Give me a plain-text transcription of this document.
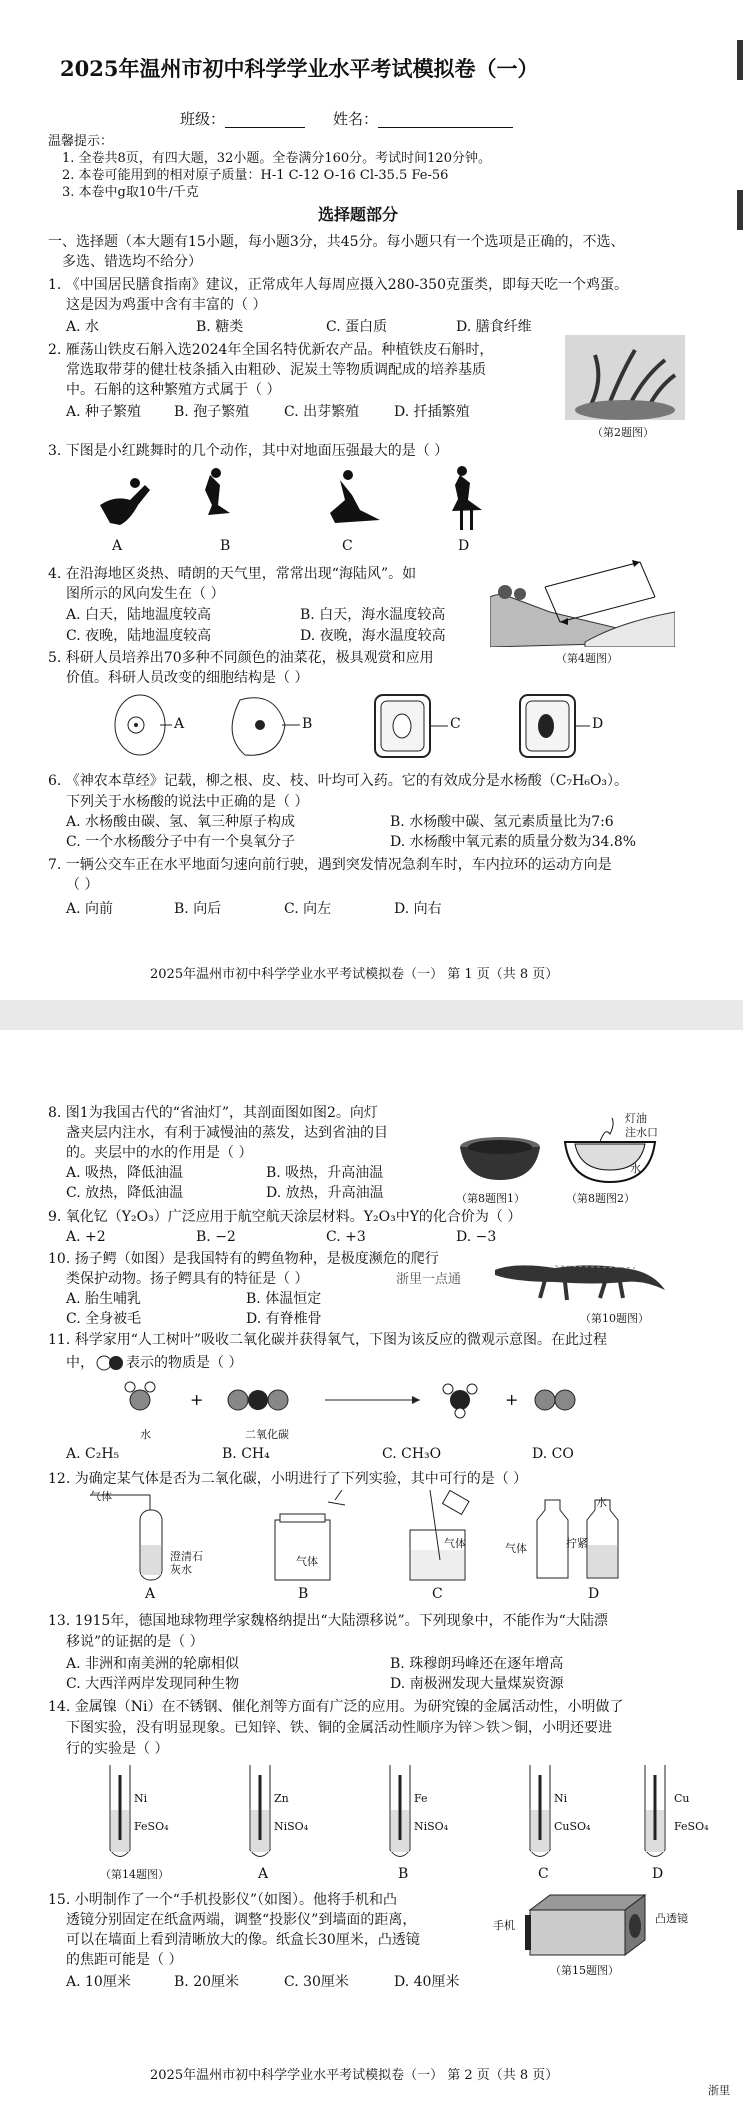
2025年温州市初中科学学业水平考试模拟卷（一）
班级：	姓名：
温馨提示：
1. 全卷共8页，有四大题，32小题。全卷满分160分。考试时间120分钟。
2. 本卷可能用到的相对原子质量：H-1 C-12 O-16 Cl-35.5 Fe-56
3. 本卷中g取10牛/千克
选择题部分
一、选择题（本大题有15小题，每小题3分，共45分。每小题只有一个选项是正确的，不选、
多选、错选均不给分）
1. 《中国居民膳食指南》建议，正常成年人每周应摄入280-350克蛋类，即每天吃一个鸡蛋。
这是因为鸡蛋中含有丰富的（ ）
A. 水	B. 糖类	C. 蛋白质	D. 膳食纤维
2. 雁荡山铁皮石斛入选2024年全国名特优新农产品。种植铁皮石斛时，
常选取带芽的健壮枝条插入由粗砂、泥炭土等物质调配成的培养基质
中。石斛的这种繁殖方式属于（ ）
A. 种子繁殖 B. 孢子繁殖 C. 出芽繁殖 D. 扦插繁殖
（第2题图）
3. 下图是小红跳舞时的几个动作，其中对地面压强最大的是（ ）
A	B	C	D
4. 在沿海地区炎热、晴朗的天气里，常常出现“海陆风”。如
图所示的风向发生在（ ）
A. 白天，陆地温度较高	B. 白天，海水温度较高
C. 夜晚，陆地温度较高	D. 夜晚，海水温度较高
（第4题图）
5. 科研人员培养出70多种不同颜色的油菜花，极具观赏和应用
价值。科研人员改变的细胞结构是（ ）
A	B	C	D
6. 《神农本草经》记载，柳之根、皮、枝、叶均可入药。它的有效成分是水杨酸（C₇H₆O₃）。
下列关于水杨酸的说法中正确的是（ ）
A. 水杨酸由碳、氢、氧三种原子构成	B. 水杨酸中碳、氢元素质量比为7:6
C. 一个水杨酸分子中有一个臭氧分子	D. 水杨酸中氧元素的质量分数为34.8%
7. 一辆公交车正在水平地面匀速向前行驶，遇到突发情况急刹车时，车内拉环的运动方向是
（ ）
A. 向前	B. 向后	C. 向左	D. 向右
2025年温州市初中科学学业水平考试模拟卷（一） 第 1 页（共 8 页）
8. 图1为我国古代的“省油灯”，其剖面图如图2。向灯
盏夹层内注水，有利于减慢油的蒸发，达到省油的目
的。夹层中的水的作用是（ ）
A. 吸热，降低油温	B. 吸热，升高油温
C. 放热，降低油温	D. 放热，升高油温	（第8题图1）
灯油
注水口
水
（第8题图2）
9. 氧化钇（Y₂O₃）广泛应用于航空航天涂层材料。Y₂O₃中Y的化合价为（ ）
A. +2	B. −2	C. +3	D. −3
10. 扬子鳄（如图）是我国特有的鳄鱼物种，是极度濒危的爬行
类保护动物。扬子鳄具有的特征是（ ）	浙里一点通
A. 胎生哺乳	B. 体温恒定
C. 全身被毛	D. 有脊椎骨	（第10题图）
11. 科学家用“人工树叶”吸收二氧化碳并获得氧气，下图为该反应的微观示意图。在此过程
中， 表示的物质是（ ）
+	+
水	二氧化碳
A. C₂H₅	B. CH₄	C. CH₃O	D. CO
12. 为确定某气体是否为二氧化碳，小明进行了下列实验，其中可行的是（ ）
气体
澄清石灰水
气体
气体	气体
水
拧紧
A	B	C	D
13. 1915年，德国地球物理学家魏格纳提出“大陆漂移说”。下列现象中，不能作为“大陆漂
移说”的证据的是（ ）
A. 非洲和南美洲的轮廓相似	B. 珠穆朗玛峰还在逐年增高
C. 大西洋两岸发现同种生物	D. 南极洲发现大量煤炭资源
14. 金属镍（Ni）在不锈钢、催化剂等方面有广泛的应用。为研究镍的金属活动性，小明做了
下图实验，没有明显现象。已知锌、铁、铜的金属活动性顺序为锌＞铁＞铜，小明还要进
行的实验是（ ）
Ni
FeSO₄
Zn
NiSO₄
Fe
NiSO₄
Ni
CuSO₄
Cu
FeSO₄
（第14题图）	A	B	C	D
15. 小明制作了一个“手机投影仪”（如图）。他将手机和凸
透镜分别固定在纸盒两端，调整“投影仪”到墙面的距离，
可以在墙面上看到清晰放大的像。纸盒长30厘米，凸透镜
的焦距可能是（ ）
A. 10厘米	B. 20厘米	C. 30厘米	D. 40厘米
手机
凸透镜
（第15题图）
2025年温州市初中科学学业水平考试模拟卷（一） 第 2 页（共 8 页）
浙里
